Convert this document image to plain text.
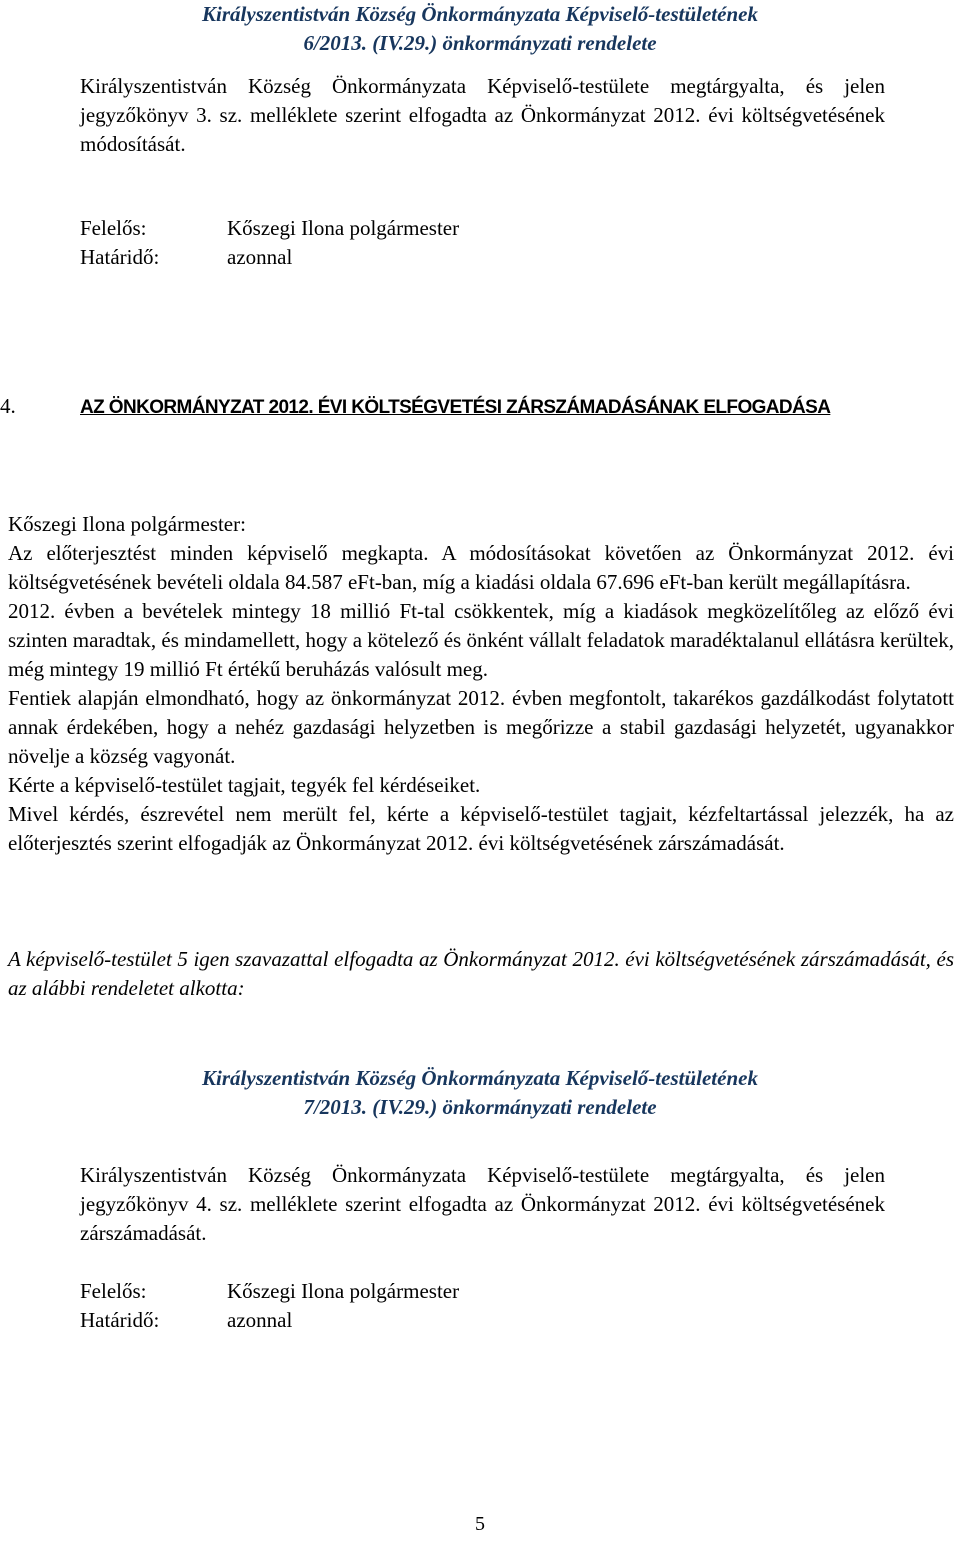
Királyszentistván Község Önkormányzata Képviselő-testületének
6/2013. (IV.29.) önkormányzati rendelete
Királyszentistván Község Önkormányzata Képviselő-testülete megtárgyalta, és jelen jegyzőkönyv 3. sz. melléklete szerint elfogadta az Önkormányzat 2012. évi költségvetésének módosítását.
Felelős:	Kőszegi Ilona polgármester
Határidő:	azonnal
4.	AZ ÖNKORMÁNYZAT 2012. ÉVI KÖLTSÉGVETÉSI ZÁRSZÁMADÁSÁNAK ELFOGADÁSA

Kőszegi Ilona polgármester:

Az előterjesztést minden képviselő megkapta. A módosításokat követően az Önkormányzat 2012. évi költségvetésének bevételi oldala 84.587 eFt-ban, míg a kiadási oldala 67.696 eFt-ban került megállapításra.

2012. évben a bevételek mintegy 18 millió Ft-tal csökkentek, míg a kiadások megközelítőleg az előző évi szinten maradtak, és mindamellett, hogy a kötelező és önként vállalt feladatok maradéktalanul ellátásra kerültek, még mintegy 19 millió Ft értékű beruházás valósult meg.

Fentiek alapján elmondható, hogy az önkormányzat 2012. évben megfontolt, takarékos gazdálkodást folytatott annak érdekében, hogy a nehéz gazdasági helyzetben is megőrizze a stabil gazdasági helyzetét, ugyanakkor növelje a község vagyonát.

Kérte a képviselő-testület tagjait, tegyék fel kérdéseiket.

Mivel kérdés, észrevétel nem merült fel, kérte a képviselő-testület tagjait, kézfeltartással jelezzék, ha az előterjesztés szerint elfogadják az Önkormányzat 2012. évi költségvetésének zárszámadását.

A képviselő-testület 5 igen szavazattal elfogadta az Önkormányzat 2012. évi költségvetésének zárszámadását, és az alábbi rendeletet alkotta:

Királyszentistván Község Önkormányzata Képviselő-testületének
7/2013. (IV.29.) önkormányzati rendelete
Királyszentistván Község Önkormányzata Képviselő-testülete megtárgyalta, és jelen jegyzőkönyv 4. sz. melléklete szerint elfogadta az Önkormányzat 2012. évi költségvetésének zárszámadását.
Felelős:	Kőszegi Ilona polgármester
Határidő:	azonnal
5
